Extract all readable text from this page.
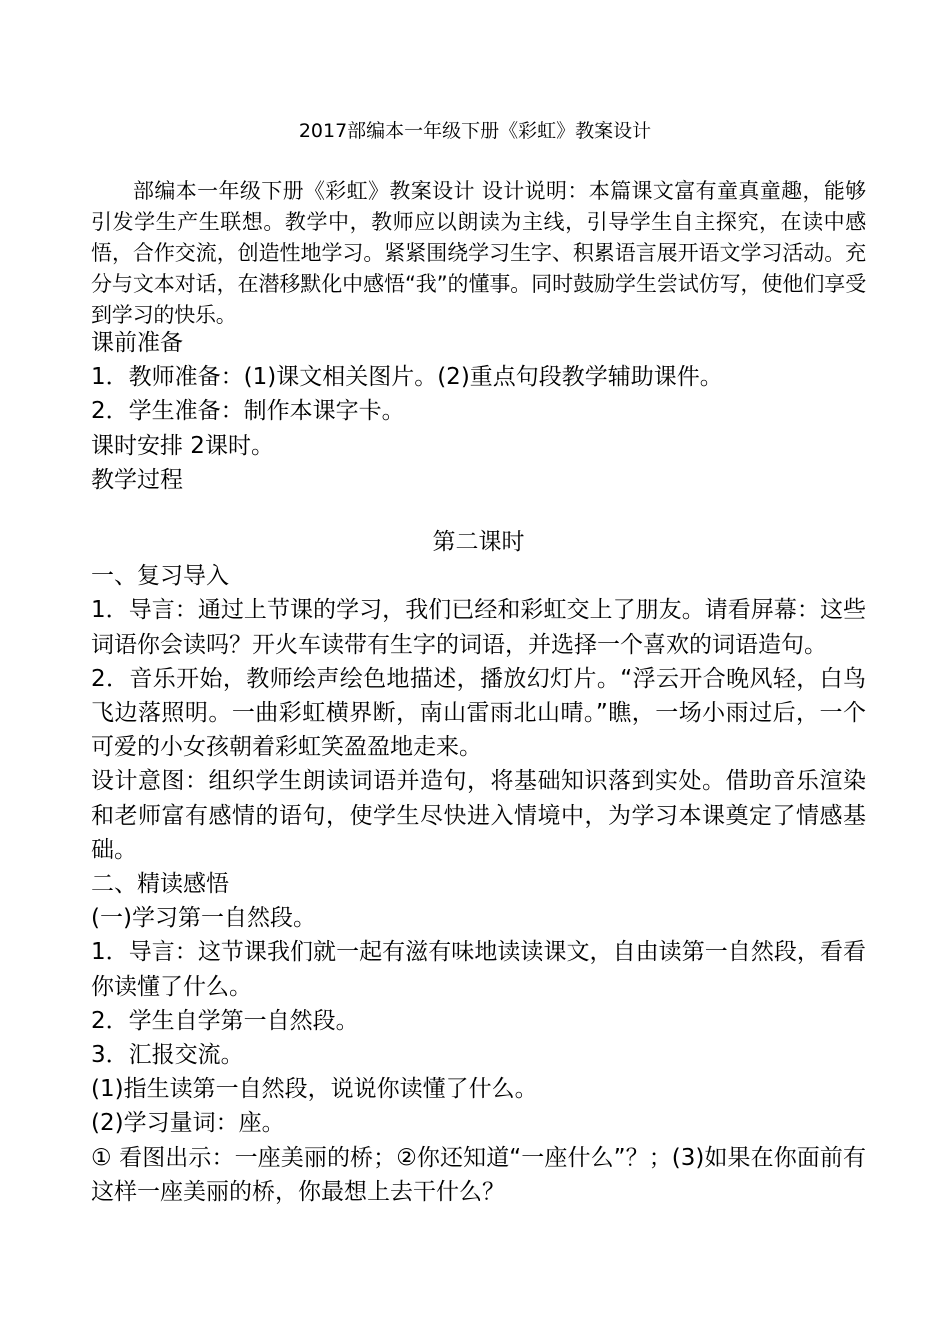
2017部编本一年级下册《彩虹》教案设计
部编本一年级下册《彩虹》教案设计 设计说明：本篇课文富有童真童趣，能够引发学生产生联想。教学中，教师应以朗读为主线，引导学生自主探究，在读中感悟，合作交流，创造性地学习。紧紧围绕学习生字、积累语言展开语文学习活动。充分与文本对话，在潜移默化中感悟“我”的懂事。同时鼓励学生尝试仿写，使他们享受到学习的快乐。

课前准备

1．教师准备：(1)课文相关图片。(2)重点句段教学辅助课件。

2．学生准备：制作本课字卡。

课时安排 2课时。

教学过程

第二课时

一、复习导入

1．导言：通过上节课的学习，我们已经和彩虹交上了朋友。请看屏幕：这些词语你会读吗？开火车读带有生字的词语，并选择一个喜欢的词语造句。

2．音乐开始，教师绘声绘色地描述，播放幻灯片。“浮云开合晚风轻，白鸟飞边落照明。一曲彩虹横界断，南山雷雨北山晴。”瞧，一场小雨过后，一个可爱的小女孩朝着彩虹笑盈盈地走来。

设计意图：组织学生朗读词语并造句，将基础知识落到实处。借助音乐渲染和老师富有感情的语句，使学生尽快进入情境中，为学习本课奠定了情感基础。

二、精读感悟

(一)学习第一自然段。

1．导言：这节课我们就一起有滋有味地读读课文，自由读第一自然段，看看你读懂了什么。

2．学生自学第一自然段。

3．汇报交流。

(1)指生读第一自然段，说说你读懂了什么。

(2)学习量词：座。

① 看图出示：一座美丽的桥；②你还知道“一座什么”？；(3)如果在你面前有这样一座美丽的桥，你最想上去干什么？
